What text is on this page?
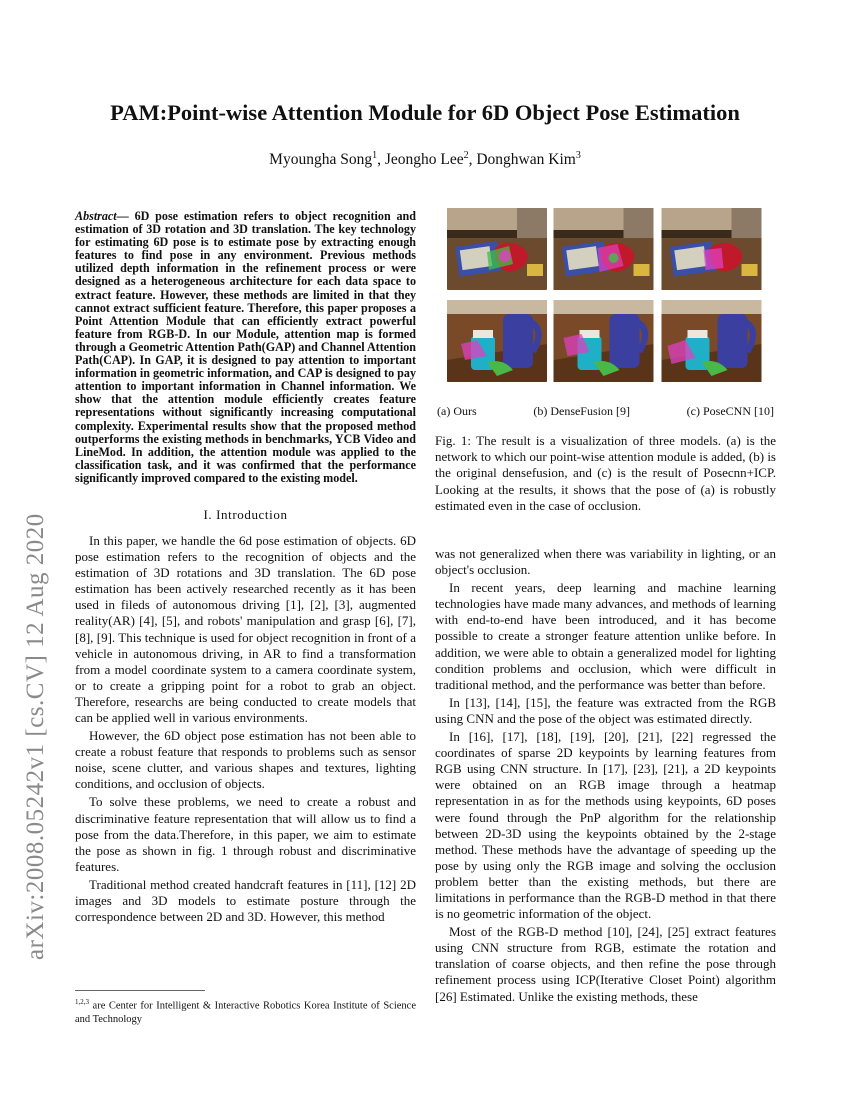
arXiv:2008.05242v1 [cs.CV] 12 Aug 2020
PAM:Point-wise Attention Module for 6D Object Pose Estimation
Myoungha Song$^1$, Jeongho Lee$^2$, Donghwan Kim$^3$

Abstract— 6D pose estimation refers to object recognition and estimation of 3D rotation and 3D translation. The key technology for estimating 6D pose is to estimate pose by extracting enough features to find pose in any environment. Previous methods utilized depth information in the refinement process or were designed as a heterogeneous architecture for each data space to extract feature. However, these methods are limited in that they cannot extract sufficient feature. Therefore, this paper proposes a Point Attention Module that can efficiently extract powerful feature from RGB-D. In our Module, attention map is formed through a Geometric Attention Path(GAP) and Channel Attention Path(CAP). In GAP, it is designed to pay attention to important information in geometric information, and CAP is designed to pay attention to important information in Channel information. We show that the attention module efficiently creates feature representations without significantly increasing computational complexity. Experimental results show that the proposed method outperforms the existing methods in benchmarks, YCB Video and LineMod. In addition, the attention module was applied to the classification task, and it was confirmed that the performance significantly improved compared to the existing model.

I. Introduction

In this paper, we handle the 6d pose estimation of objects. 6D pose estimation refers to the recognition of objects and the estimation of 3D rotations and 3D translation. The 6D pose estimation has been actively researched recently as it has been used in fileds of autonomous driving [1], [2], [3], augmented reality(AR) [4], [5], and robots' manipulation and grasp [6], [7], [8], [9]. This technique is used for object recognition in front of a vehicle in autonomous driving, in AR to find a transformation from a model coordinate system to a camera coordinate system, or to create a gripping point for a robot to grab an object. Therefore, researchs are being conducted to create models that can be applied well in various environments.

However, the 6D object pose estimation has not been able to create a robust feature that responds to problems such as sensor noise, scene clutter, and various shapes and textures, lighting conditions, and occlusion of objects.

To solve these problems, we need to create a robust and discriminative feature representation that will allow us to find a pose from the data.Therefore, in this paper, we aim to estimate the pose as shown in fig. 1 through robust and discriminative features.

Traditional method created handcraft features in [11], [12] 2D images and 3D models to estimate posture through the correspondence between 2D and 3D. However, this method

$^{1,2,3}$ are Center for Intelligent & Interactive Robotics Korea Institute of Science and Technology
(a) Ours	(b) DenseFusion [9]	(c) PoseCNN [10]
Fig. 1: The result is a visualization of three models. (a) is the network to which our point-wise attention module is added, (b) is the original densefusion, and (c) is the result of Posecnn+ICP. Looking at the results, it shows that the pose of (a) is robustly estimated even in the case of occlusion.

was not generalized when there was variability in lighting, or an object's occlusion.

In recent years, deep learning and machine learning technologies have made many advances, and methods of learning with end-to-end have been introduced, and it has become possible to create a stronger feature attention unlike before. In addition, we were able to obtain a generalized model for lighting condition problems and occlusion, which were difficult in traditional method, and the performance was better than before.

In [13], [14], [15], the feature was extracted from the RGB using CNN and the pose of the object was estimated directly.

In [16], [17], [18], [19], [20], [21], [22] regressed the coordinates of sparse 2D keypoints by learning features from RGB using CNN structure. In [17], [23], [21], a 2D keypoints were obtained on an RGB image through a heatmap representation in as for the methods using keypoints, 6D poses were found through the PnP algorithm for the relationship between 2D-3D using the keypoints obtained by the 2-stage method. These methods have the advantage of speeding up the pose by using only the RGB image and solving the occlusion problem better than the existing methods, but there are limitations in performance than the RGB-D method in that there is no geometric information of the object.

Most of the RGB-D method [10], [24], [25] extract features using CNN structure from RGB, estimate the rotation and translation of coarse objects, and then refine the pose through refinement process using ICP(Iterative Closet Point) algorithm [26] Estimated. Unlike the existing methods, these
